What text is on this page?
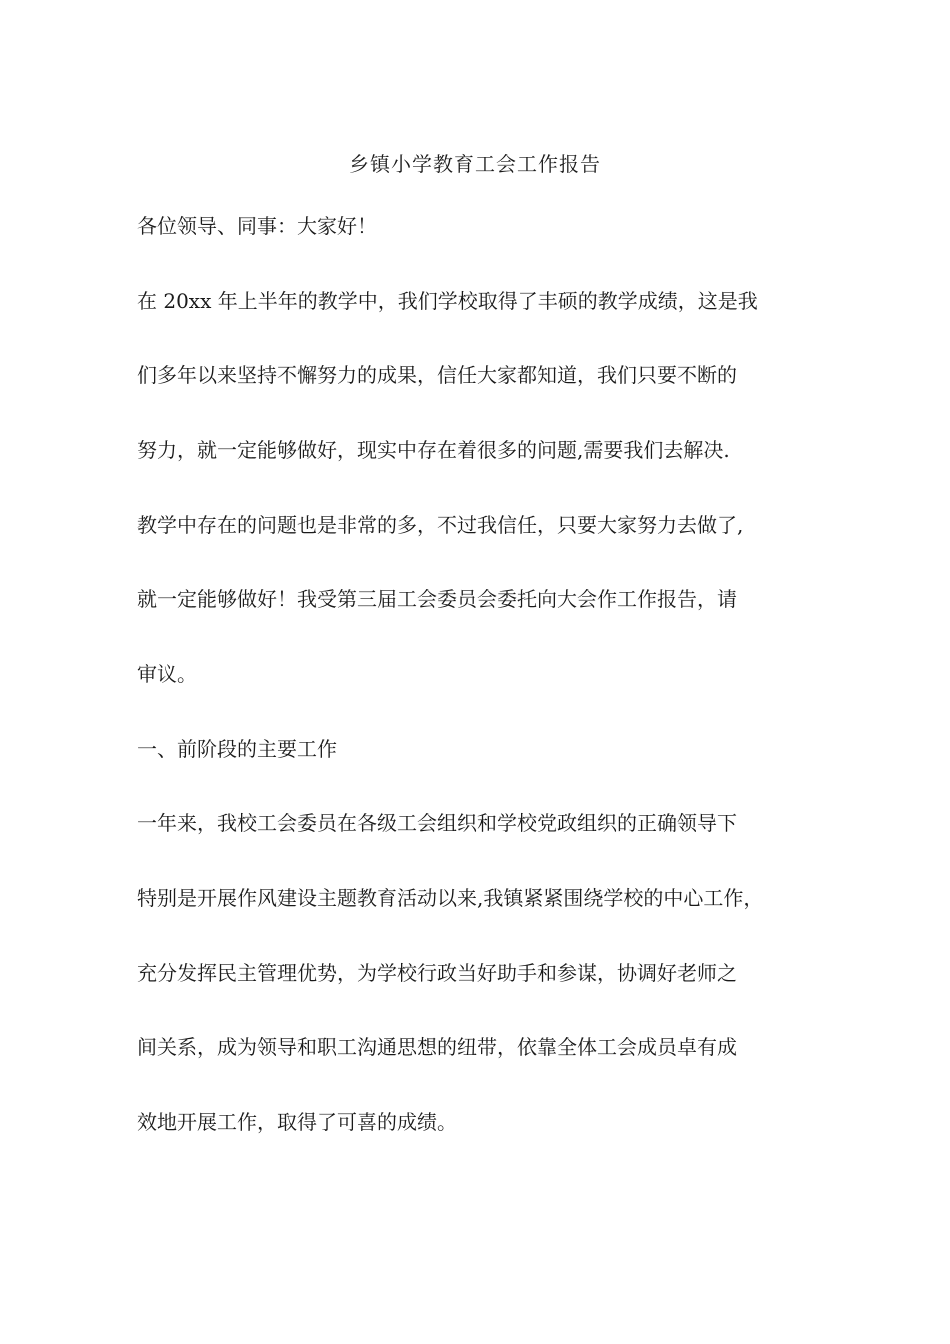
乡镇小学教育工会工作报告
各位领导、同事：大家好！
在 20xx 年上半年的教学中，我们学校取得了丰硕的教学成绩，这是我
们多年以来坚持不懈努力的成果，信任大家都知道，我们只要不断的
努力，就一定能够做好，现实中存在着很多的问题,需要我们去解决.
教学中存在的问题也是非常的多，不过我信任，只要大家努力去做了,
就一定能够做好！我受第三届工会委员会委托向大会作工作报告，请
审议。
一、前阶段的主要工作
一年来，我校工会委员在各级工会组织和学校党政组织的正确领导下
特别是开展作风建设主题教育活动以来,我镇紧紧围绕学校的中心工作，
充分发挥民主管理优势，为学校行政当好助手和参谋，协调好老师之
间关系，成为领导和职工沟通思想的纽带，依靠全体工会成员卓有成
效地开展工作，取得了可喜的成绩。
